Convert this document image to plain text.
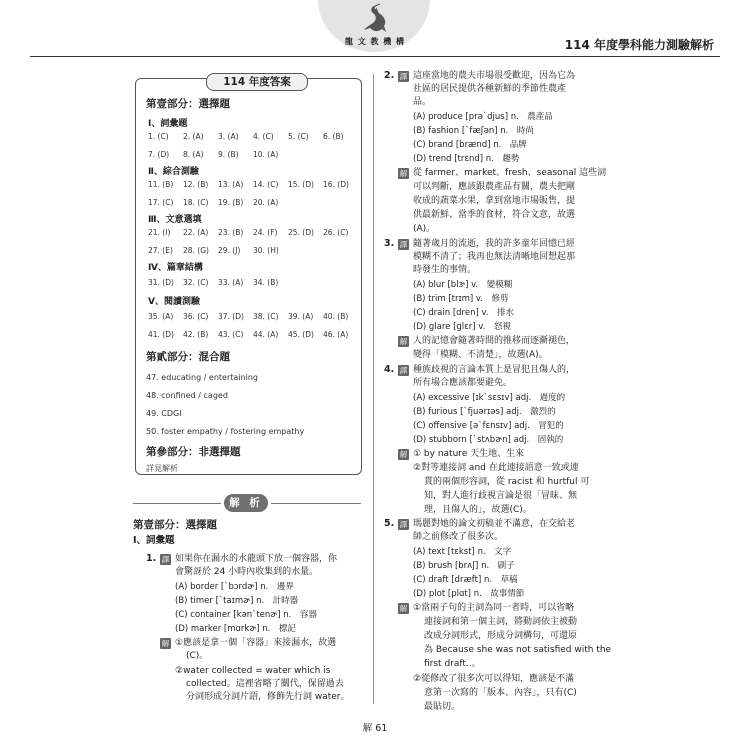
龍 文 教 機 構	114 年度學科能力測驗解析
114 年度答案
第壹部分：選擇題
Ⅰ、詞彙題
Ⅱ、綜合測驗
Ⅲ、文意選填
Ⅳ、篇章結構
Ⅴ、閱讀測驗
第貳部分：混合題
47. educating / entertaining
48. confined / caged
49. CDGI
50. foster empathy / fostering empathy
第參部分：非選擇題
詳見解析
1. (C)	2. (A)	3. (A)	4. (C)	5. (C)	6. (B)
7. (D)	8. (A)	9. (B)	10. (A)
11. (B)	12. (B)	13. (A)	14. (C)	15. (D)	16. (D)
17. (C)	18. (C)	19. (B)	20. (A)
21. (I)	22. (A)	23. (B)	24. (F)	25. (D)	26. (C)
27. (E)	28. (G)	29. (J)	30. (H)
31. (D)	32. (C)	33. (A)	34. (B)
35. (A)	36. (C)	37. (D)	38. (C)	39. (A)	40. (B)
41. (D)	42. (B)	43. (C)	44. (A)	45. (D)	46. (A)
解 析
第壹部分：選擇題
Ⅰ、詞彙題
1. 譯 如果你在漏水的水龍頭下放一個容器，你
會驚訝於 24 小時內收集到的水量。
(A) border [ˋbɔrdɚ] n.　邊界
(B) timer [ˋtaɪmɚ] n.　計時器
(C) container [kənˋtenɚ] n.　容器
(D) marker [mɑrkɚ] n.　標記
解 ①應該是拿一個「容器」來接漏水，故選
(C)。
②water collected = water which is
collected。這裡省略了關代，保留過去
分詞形成分詞片語，修飾先行詞 water。
2. 譯 這座當地的農夫市場很受歡迎，因為它為
社區的居民提供各種新鮮的季節性農產
品。
(A) produce [prəˋdjus] n.　農產品
(B) fashion [ˋfæʃən] n.　時尚
(C) brand [brænd] n.　品牌
(D) trend [trɛnd] n.　趨勢
解 從 farmer、market、fresh、seasonal 這些詞
可以判斷，應該跟農產品有關，農夫把剛
收成的蔬菜水果，拿到當地市場販售，提
供最新鮮、當季的食材，符合文意，故選
(A)。
3. 譯 隨著歲月的流逝，我的許多童年回憶已經
模糊不清了；我再也無法清晰地回想起那
時發生的事情。
(A) blur [blɝ] v.　變模糊
(B) trim [trɪm] v.　修剪
(C) drain [dren] v.　排水
(D) glare [glɛr] v.　怒視
解 人的記憶會隨著時間的推移而逐漸褪色，
變得「模糊、不清楚」，故選(A)。
4. 譯 種族歧視的言論本質上是冒犯且傷人的，
所有場合應該都要避免。
(A) excessive [ɪkˋsɛsɪv] adj.　過度的
(B) furious [ˋfjuərɪəs] adj.　激烈的
(C) offensive [əˋfɛnsɪv] adj.　冒犯的
(D) stubborn [ˋstʌbɚn] adj.　固執的
解 ① by nature 天生地、生來
②對等連接詞 and 在此連接語意一致或連
貫的兩個形容詞，從 racist 和 hurtful 可
知，對人進行歧視言論是很「冒昧、無
理，且傷人的」，故選(C)。
5. 譯 瑪麗對她的論文初稿並不滿意，在交給老
師之前修改了很多次。
(A) text [tɛkst] n.　文字
(B) brush [brʌʃ] n.　刷子
(C) draft [dræft] n.　草稿
(D) plot [plɑt] n.　故事情節
解 ①當兩子句的主詞為同一者時，可以省略
連接詞和第一個主詞，將動詞依主被動
改成分詞形式，形成分詞構句，可還原
為 Because she was not satisfied with the
first draft..。
②從修改了很多次可以得知，應該是不滿
意第一次寫的「版本、內容」，只有(C)
最貼切。
解 61
